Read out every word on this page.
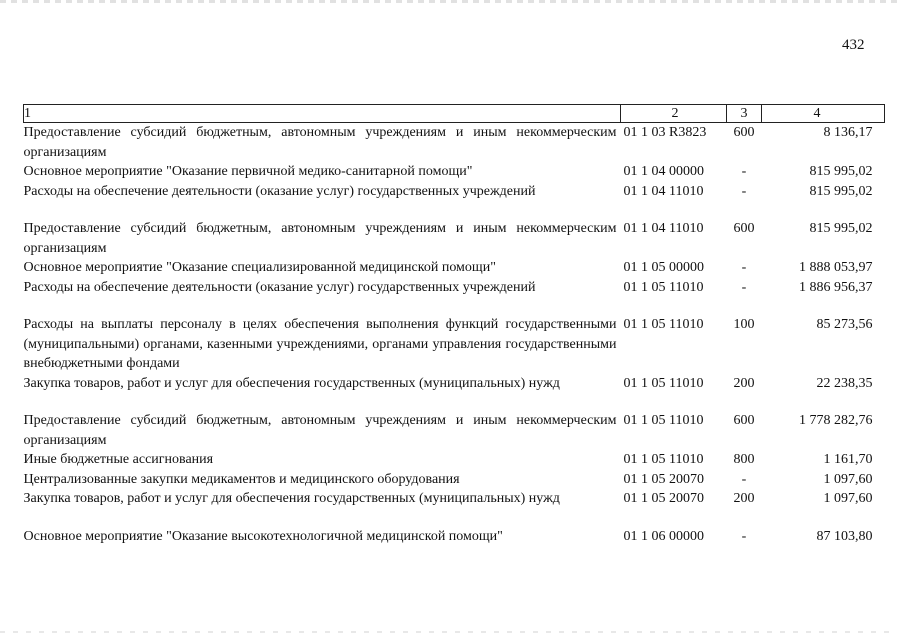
432
1	2	3	4
Предоставление субсидий бюджетным, автономным учреждениям и иным некоммерческим организациям	01 1 03 R3823	600	8 136,17
Основное мероприятие "Оказание первичной медико-санитарной помощи"	01 1 04 00000	-	815 995,02
Расходы на обеспечение деятельности (оказание услуг) государственных учреждений	01 1 04 11010	-	815 995,02

Предоставление субсидий бюджетным, автономным учреждениям и иным некоммерческим организациям	01 1 04 11010	600	815 995,02
Основное мероприятие "Оказание специализированной медицинской помощи"	01 1 05 00000	-	1 888 053,97
Расходы на обеспечение деятельности (оказание услуг) государственных учреждений	01 1 05 11010	-	1 886 956,37

Расходы на выплаты персоналу в целях обеспечения выполнения функций государственными (муниципальными) органами, казенными учреждениями, органами управления государственными внебюджетными фондами	01 1 05 11010	100	85 273,56
Закупка товаров, работ и услуг для обеспечения государственных (муниципальных) нужд	01 1 05 11010	200	22 238,35

Предоставление субсидий бюджетным, автономным учреждениям и иным некоммерческим организациям	01 1 05 11010	600	1 778 282,76
Иные бюджетные ассигнования	01 1 05 11010	800	1 161,70
Централизованные закупки медикаментов и медицинского оборудования	01 1 05 20070	-	1 097,60
Закупка товаров, работ и услуг для обеспечения государственных (муниципальных) нужд	01 1 05 20070	200	1 097,60

Основное мероприятие "Оказание высокотехнологичной медицинской помощи"	01 1 06 00000	-	87 103,80
